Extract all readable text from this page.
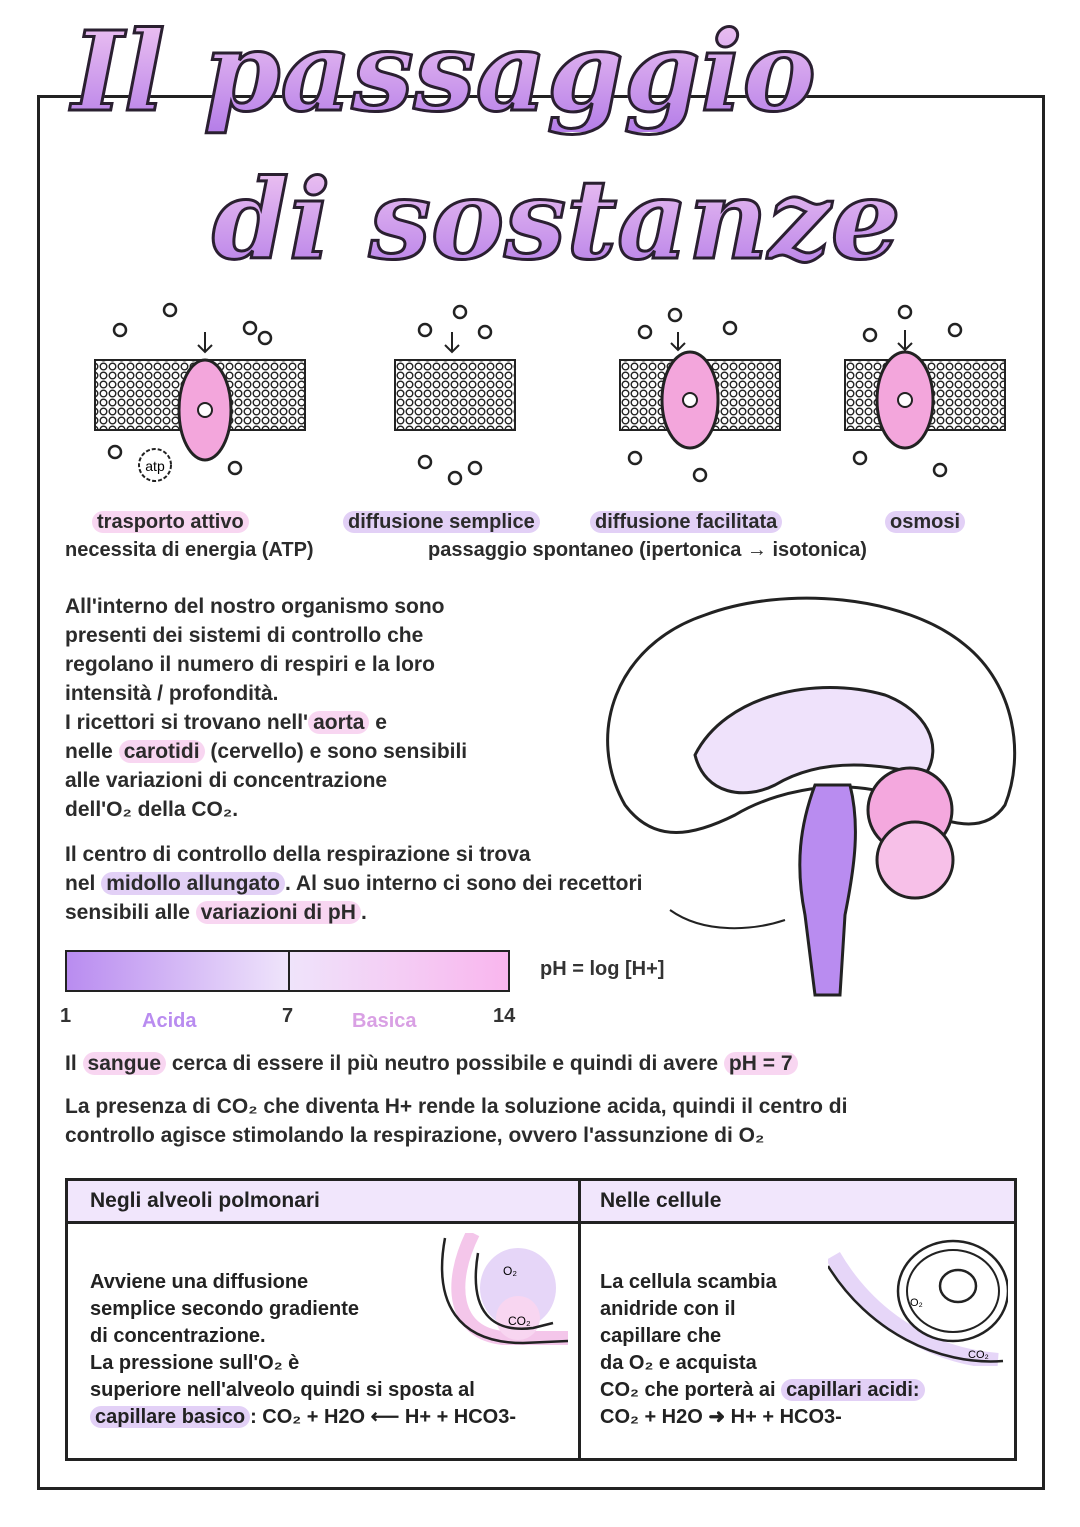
Il passaggio
di sostanze
atp
trasporto attivo	diffusione semplice	diffusione facilitata	osmosi
necessita di energia (ATP)	passaggio spontaneo (ipertonica → isotonica)
All'interno del nostro organismo sono
presenti dei sistemi di controllo che
regolano il numero di respiri e la loro
intensità / profondità.
I ricettori si trovano nell' aorta e
nelle carotidi (cervello) e sono sensibili
alle variazioni di concentrazione
dell'O₂ della CO₂.
Il centro di controllo della respirazione si trova
nel midollo allungato . Al suo interno ci sono dei recettori
sensibili alle variazioni di pH .
1	Acida	7	Basica	14
pH = log [H+]
Il sangue cerca di essere il più neutro possibile e quindi di avere pH = 7
La presenza di CO₂ che diventa H+ rende la soluzione acida, quindi il centro di
controllo agisce stimolando la respirazione, ovvero l'assunzione di O₂
Negli alveoli polmonari	Nelle cellule
Avviene una diffusione
semplice secondo gradiente
di concentrazione.
La pressione sull'O₂ è
superiore nell'alveolo quindi si sposta al
capillare basico : CO₂ + H2O ⟵ H+ + HCO3-
O₂
CO₂
La cellula scambia
anidride con il
capillare che
da O₂ e acquista
CO₂ che porterà ai capillari acidi:
CO₂ + H2O ➜ H+ + HCO3-
O₂
CO₂
